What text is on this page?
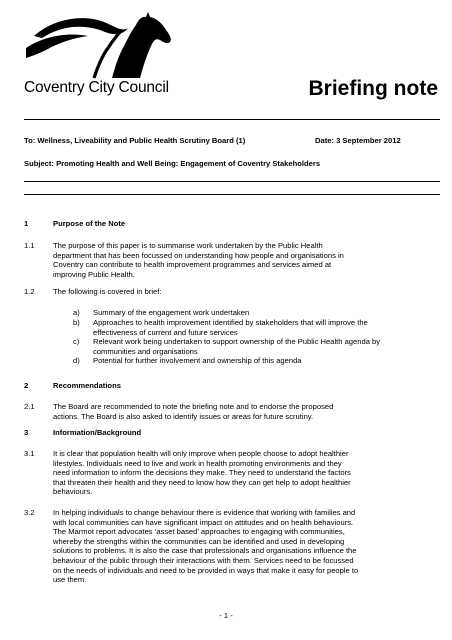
Coventry City Council	Briefing note
To: Wellness, Liveability and Public Health Scrutiny Board (1)	Date: 3 September 2012
Subject: Promoting Health and Well Being: Engagement of Coventry Stakeholders
1	Purpose of the Note
1.1	The purpose of this paper is to summarise work undertaken by the Public Health
department that has been focussed on understanding how people and organisations in
Coventry can contribute to health improvement programmes and services aimed at
improving Public Health.
1.2	The following is covered in brief:
a)	Summary of the engagement work undertaken
b)	Approaches to health improvement identified by stakeholders that will improve the
effectiveness of current and future services
c)	Relevant work being undertaken to support ownership of the Public Health agenda by
communities and organisations
d)	Potential for further involvement and ownership of this agenda
2	Recommendations
2.1	The Board are recommended to note the briefing note and to endorse the proposed
actions. The Board is also asked to identify issues or areas for future scrutiny.
3	Information/Background
3.1	It is clear that population health will only improve when people choose to adopt healthier
lifestyles. Individuals need to live and work in health promoting environments and they
need information to inform the decisions they make. They need to understand the factors
that threaten their health and they need to know how they can get help to adopt healthier
behaviours.
3.2	In helping individuals to change behaviour there is evidence that working with families and
with local communities can have significant impact on attitudes and on health behaviours.
The Marmot report advocates ‘asset based’ approaches to engaging with communities,
whereby the strengths within the communities can be identified and used in developing
solutions to problems. It is also the case that professionals and organisations influence the
behaviour of the public through their interactions with them. Services need to be focussed
on the needs of individuals and need to be provided in ways that make it easy for people to
use them.
- 1 -
